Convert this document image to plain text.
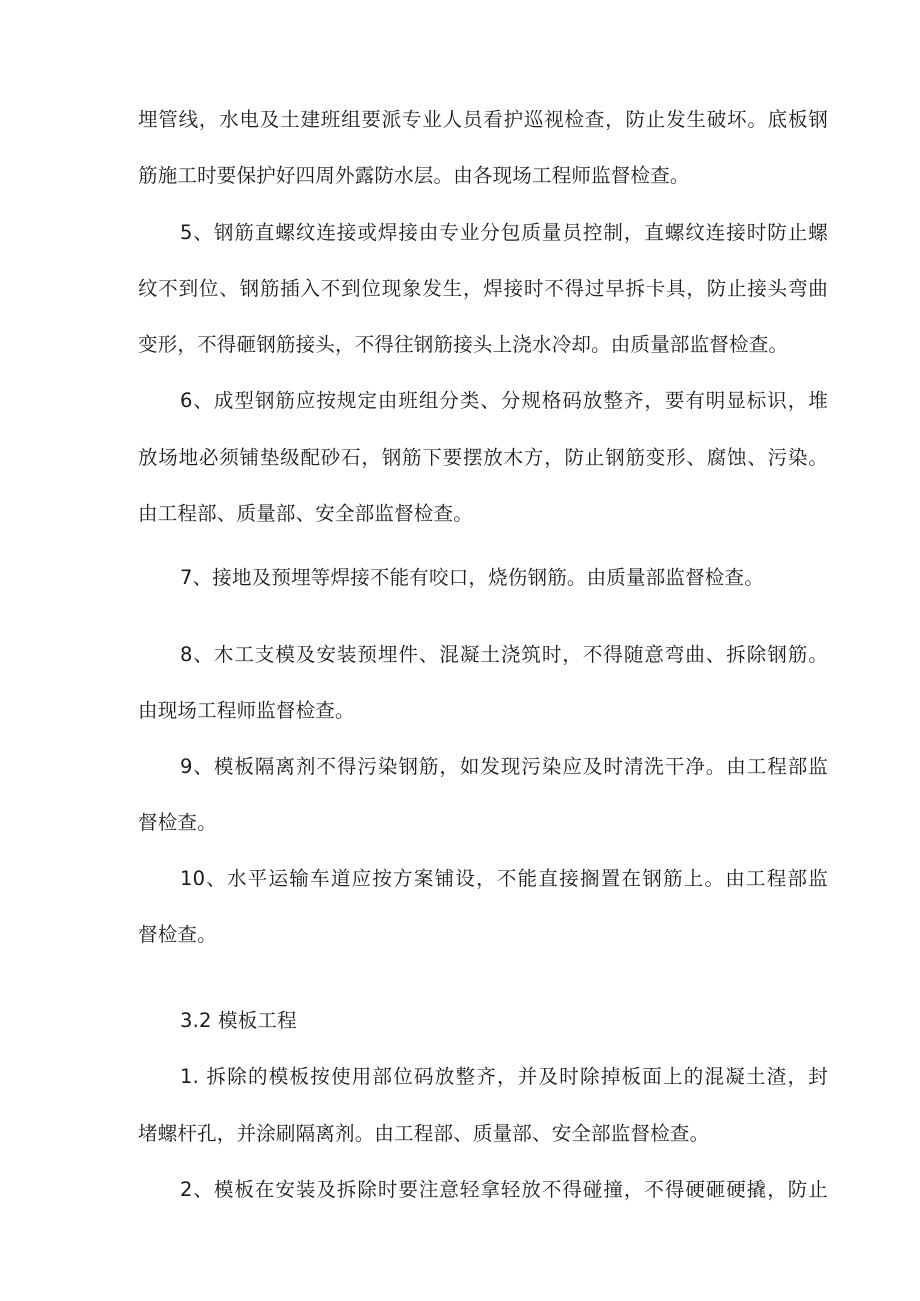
埋管线，水电及土建班组要派专业人员看护巡视检查，防止发生破坏。底板钢
筋施工时要保护好四周外露防水层。由各现场工程师监督检查。
5、钢筋直螺纹连接或焊接由专业分包质量员控制，直螺纹连接时防止螺
纹不到位、钢筋插入不到位现象发生，焊接时不得过早拆卡具，防止接头弯曲
变形，不得砸钢筋接头，不得往钢筋接头上浇水冷却。由质量部监督检查。
6、成型钢筋应按规定由班组分类、分规格码放整齐，要有明显标识，堆
放场地必须铺垫级配砂石，钢筋下要摆放木方，防止钢筋变形、腐蚀、污染。
由工程部、质量部、安全部监督检查。
7、接地及预埋等焊接不能有咬口，烧伤钢筋。由质量部监督检查。
8、木工支模及安装预埋件、混凝土浇筑时，不得随意弯曲、拆除钢筋。
由现场工程师监督检查。
9、模板隔离剂不得污染钢筋，如发现污染应及时清洗干净。由工程部监
督检查。
10、水平运输车道应按方案铺设，不能直接搁置在钢筋上。由工程部监
督检查。
3.2 模板工程
1. 拆除的模板按使用部位码放整齐，并及时除掉板面上的混凝土渣，封
堵螺杆孔，并涂刷隔离剂。由工程部、质量部、安全部监督检查。
2、模板在安装及拆除时要注意轻拿轻放不得碰撞，不得硬砸硬撬，防止
